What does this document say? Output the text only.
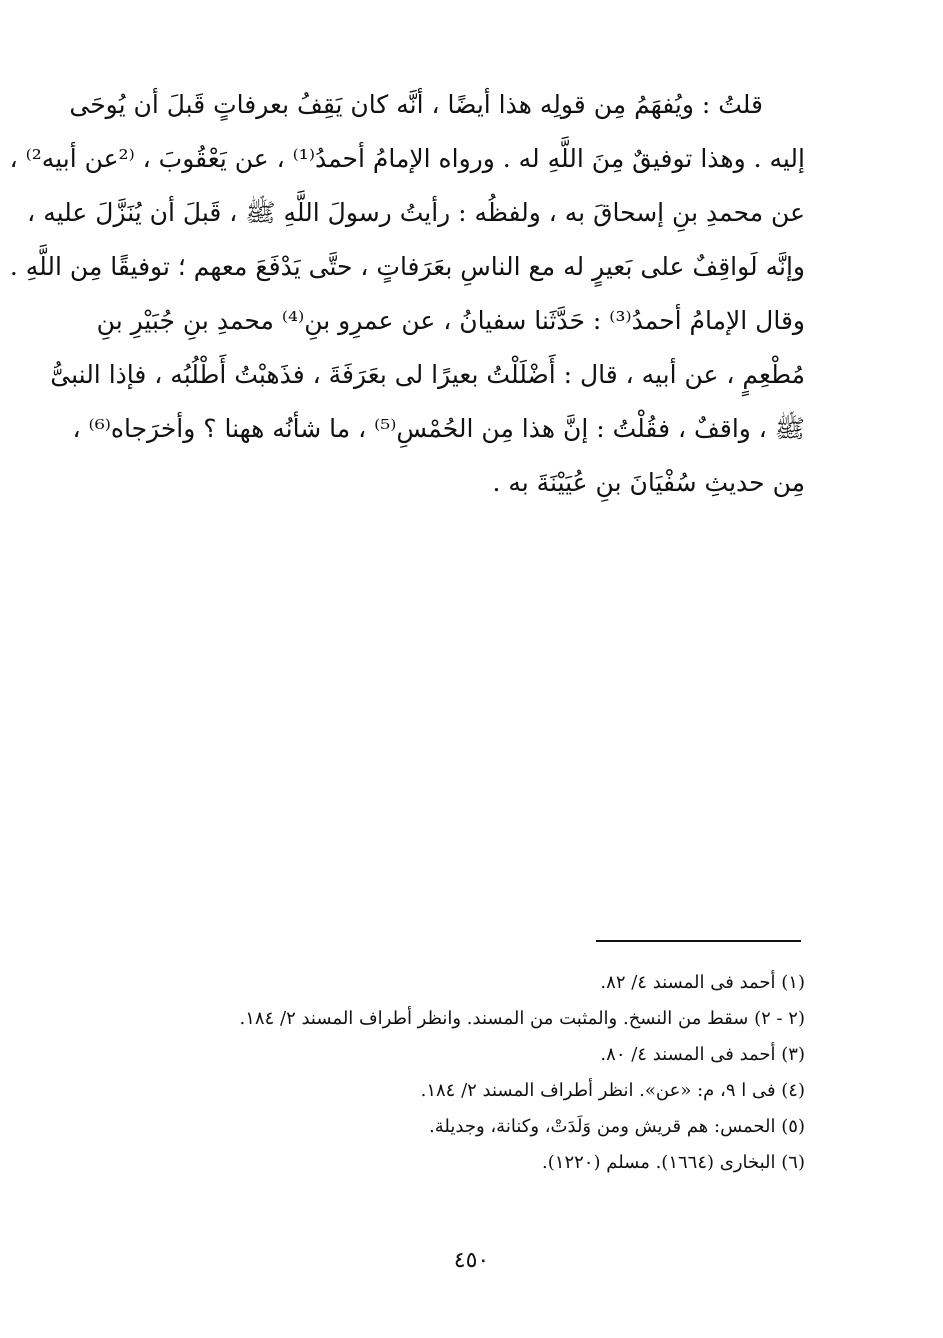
قلتُ : ويُفهَمُ مِن قولِه هذا أيضًا ، أنَّه كان يَقِفُ بعرفاتٍ قَبلَ أن يُوحَى
إليه . وهذا توفيقٌ مِنَ اللَّهِ له . ورواه الإمامُ أحمدُ⁽¹⁾ ، عن يَعْقُوبَ ، ⁽²عن أبيه²⁾ ،
عن محمدِ بنِ إسحاقَ به ، ولفظُه : رأيتُ رسولَ اللَّهِ ﷺ ، قَبلَ أن يُنَزَّلَ عليه ،
وإنَّه لَواقِفٌ على بَعيرٍ له مع الناسِ بعَرَفاتٍ ، حتَّى يَدْفَعَ معهم ؛ توفيقًا مِن اللَّهِ .
وقال الإمامُ أحمدُ⁽³⁾ : حَدَّثَنا سفيانُ ، عن عمرِو بنِ⁽⁴⁾ محمدِ بنِ جُبَيْرِ بنِ
مُطْعِمٍ ، عن أبيه ، قال : أَضْلَلْتُ بعيرًا لى بعَرَفَةَ ، فذَهبْتُ أَطْلُبُه ، فإذا النبىُّ
ﷺ ، واقفٌ ، فقُلْتُ : إنَّ هذا مِن الحُمْسِ⁽⁵⁾ ، ما شأنُه ههنا ؟ وأخرَجاه⁽⁶⁾ ،
مِن حديثِ سُفْيَانَ بنِ عُيَيْنَةَ به .
(١) أحمد فى المسند ٤/ ٨٢.
(٢ - ٢) سقط من النسخ. والمثبت من المسند. وانظر أطراف المسند ٢/ ١٨٤.
(٣) أحمد فى المسند ٤/ ٨٠.
(٤) فى ا ٩، م: «عن». انظر أطراف المسند ٢/ ١٨٤.
(٥) الحمس: هم قريش ومن وَلَدَتْ، وكنانة، وجديلة.
(٦) البخارى (١٦٦٤). مسلم (١٢٢٠).
٤٥٠
